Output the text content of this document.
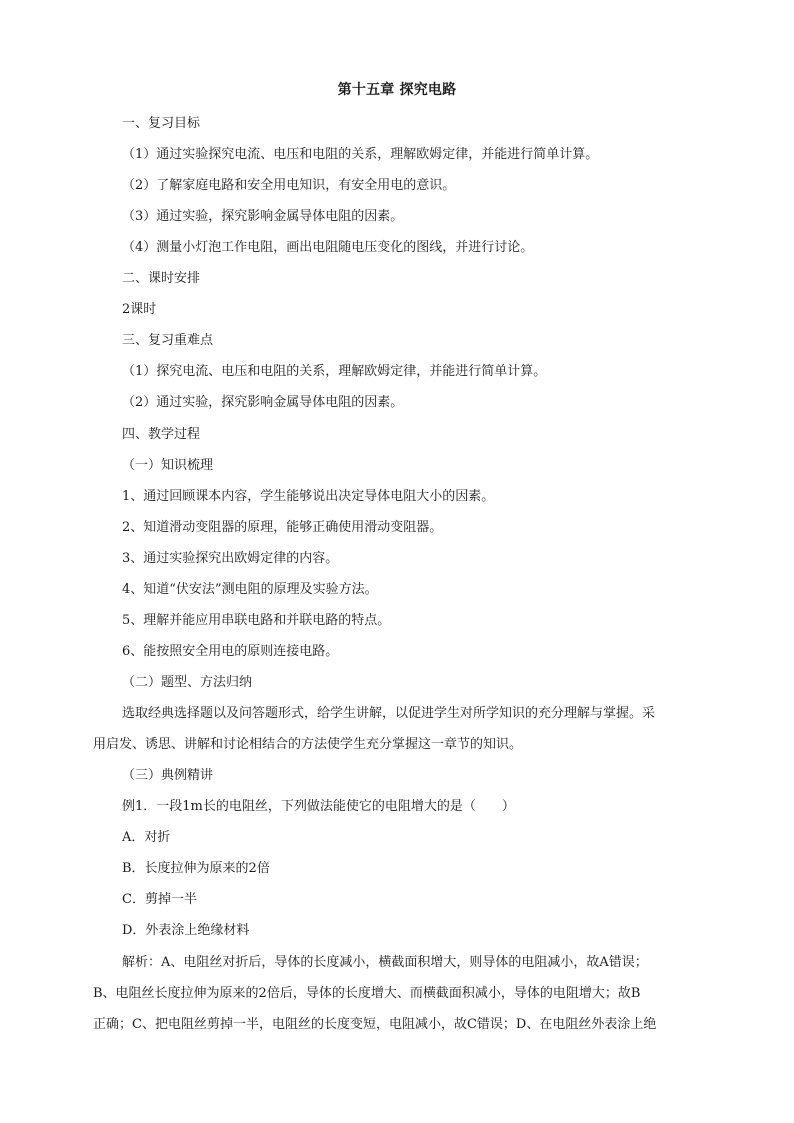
第十五章 探究电路
一、复习目标
（1）通过实验探究电流、电压和电阻的关系，理解欧姆定律，并能进行简单计算。
（2）了解家庭电路和安全用电知识，有安全用电的意识。
（3）通过实验，探究影响金属导体电阻的因素。
（4）测量小灯泡工作电阻，画出电阻随电压变化的图线，并进行讨论。
二、课时安排
2课时
三、复习重难点
（1）探究电流、电压和电阻的关系，理解欧姆定律，并能进行简单计算。
（2）通过实验，探究影响金属导体电阻的因素。
四、教学过程
（一）知识梳理
1、通过回顾课本内容，学生能够说出决定导体电阻大小的因素。
2、知道滑动变阻器的原理，能够正确使用滑动变阻器。
3、通过实验探究出欧姆定律的内容。
4、知道“伏安法”测电阻的原理及实验方法。
5、理解并能应用串联电路和并联电路的特点。
6、能按照安全用电的原则连接电路。
（二）题型、方法归纳
选取经典选择题以及问答题形式，给学生讲解，以促进学生对所学知识的充分理解与掌握。采
用启发、诱思、讲解和讨论相结合的方法使学生充分掌握这一章节的知识。
（三）典例精讲
例1．一段1m长的电阻丝，下列做法能使它的电阻增大的是（　　）
A．对折
B．长度拉伸为原来的2倍
C．剪掉一半
D．外表涂上绝缘材料
解析：A、电阻丝对折后，导体的长度减小，横截面积增大，则导体的电阻减小，故A错误；
B、电阻丝长度拉伸为原来的2倍后，导体的长度增大、而横截面积减小，导体的电阻增大；故B
正确；C、把电阻丝剪掉一半，电阻丝的长度变短，电阻减小，故C错误；D、在电阻丝外表涂上绝
